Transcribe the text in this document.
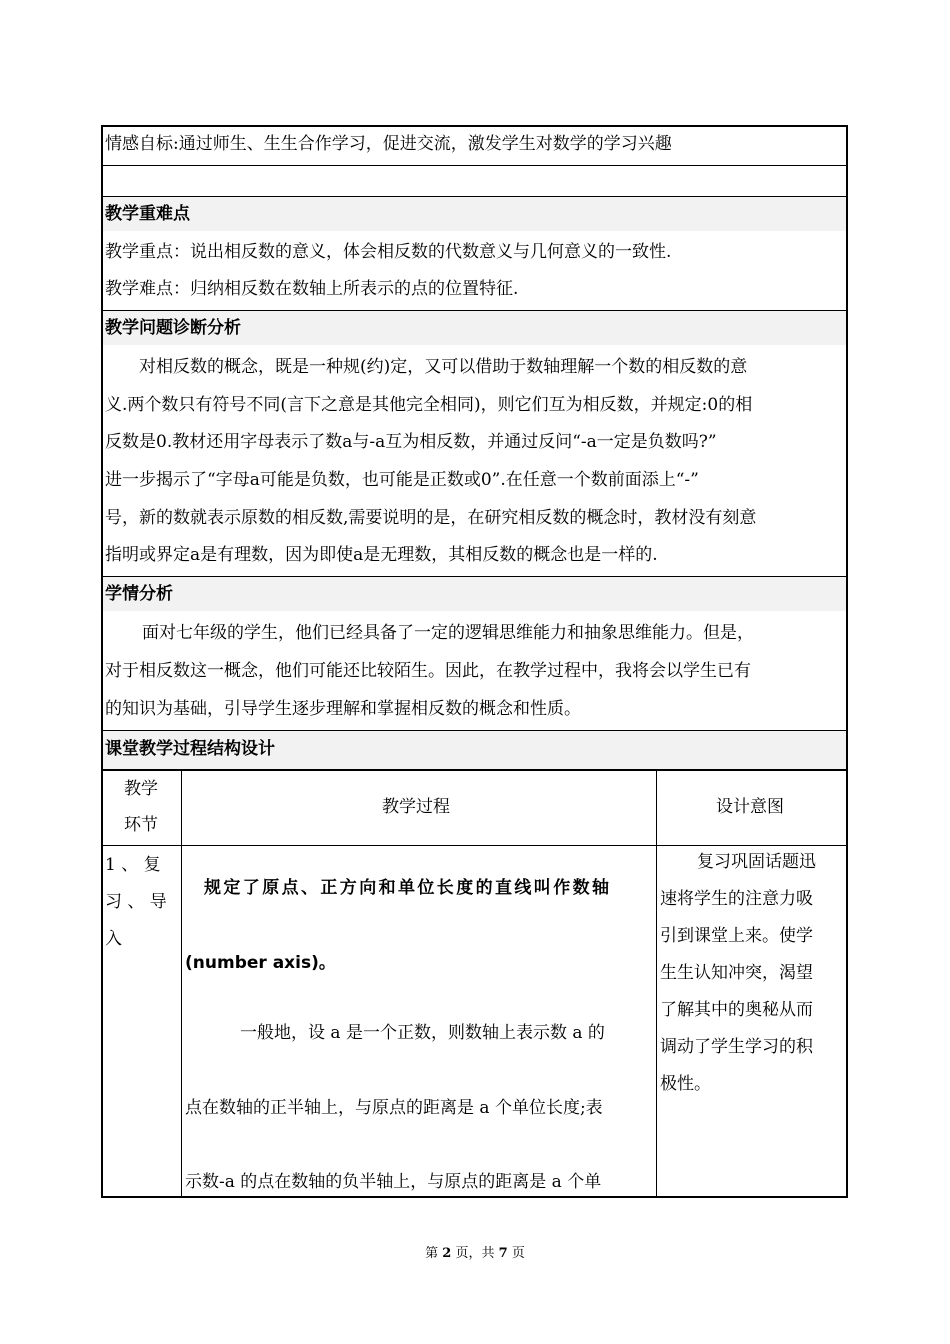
情感自标:通过师生、生生合作学习，促进交流，激发学生对数学的学习兴趣
教学重难点
教学重点：说出相反数的意义，体会相反数的代数意义与几何意义的一致性.
教学难点：归纳相反数在数轴上所表示的点的位置特征.
教学问题诊断分析
对相反数的概念，既是一种规(约)定，又可以借助于数轴理解一个数的相反数的意
义.两个数只有符号不同(言下之意是其他完全相同)，则它们互为相反数，并规定:0的相
反数是0.教材还用字母表示了数a与-a互为相反数，并通过反问“-a一定是负数吗?”
进一步揭示了“字母a可能是负数，也可能是正数或0”.在任意一个数前面添上“-”
号，新的数就表示原数的相反数,需要说明的是，在研究相反数的概念时，教材没有刻意
指明或界定a是有理数，因为即使a是无理数，其相反数的概念也是一样的.
学情分析
面对七年级的学生，他们已经具备了一定的逻辑思维能力和抽象思维能力。但是，
对于相反数这一概念，他们可能还比较陌生。因此，在教学过程中，我将会以学生已有
的知识为基础，引导学生逐步理解和掌握相反数的概念和性质。
课堂教学过程结构设计
教学
环节
教学过程	设计意图
1 、 复
习 、 导
入
规定了原点、正方向和单位长度的直线叫作数轴
(number axis)。
一般地，设 a 是一个正数，则数轴上表示数 a 的
点在数轴的正半轴上，与原点的距离是 a 个单位长度;表
示数-a 的点在数轴的负半轴上，与原点的距离是 a 个单
复习巩固话题迅
速将学生的注意力吸
引到课堂上来。使学
生生认知冲突，渴望
了解其中的奥秘从而
调动了学生学习的积
极性。
第 2 页，共 7 页
